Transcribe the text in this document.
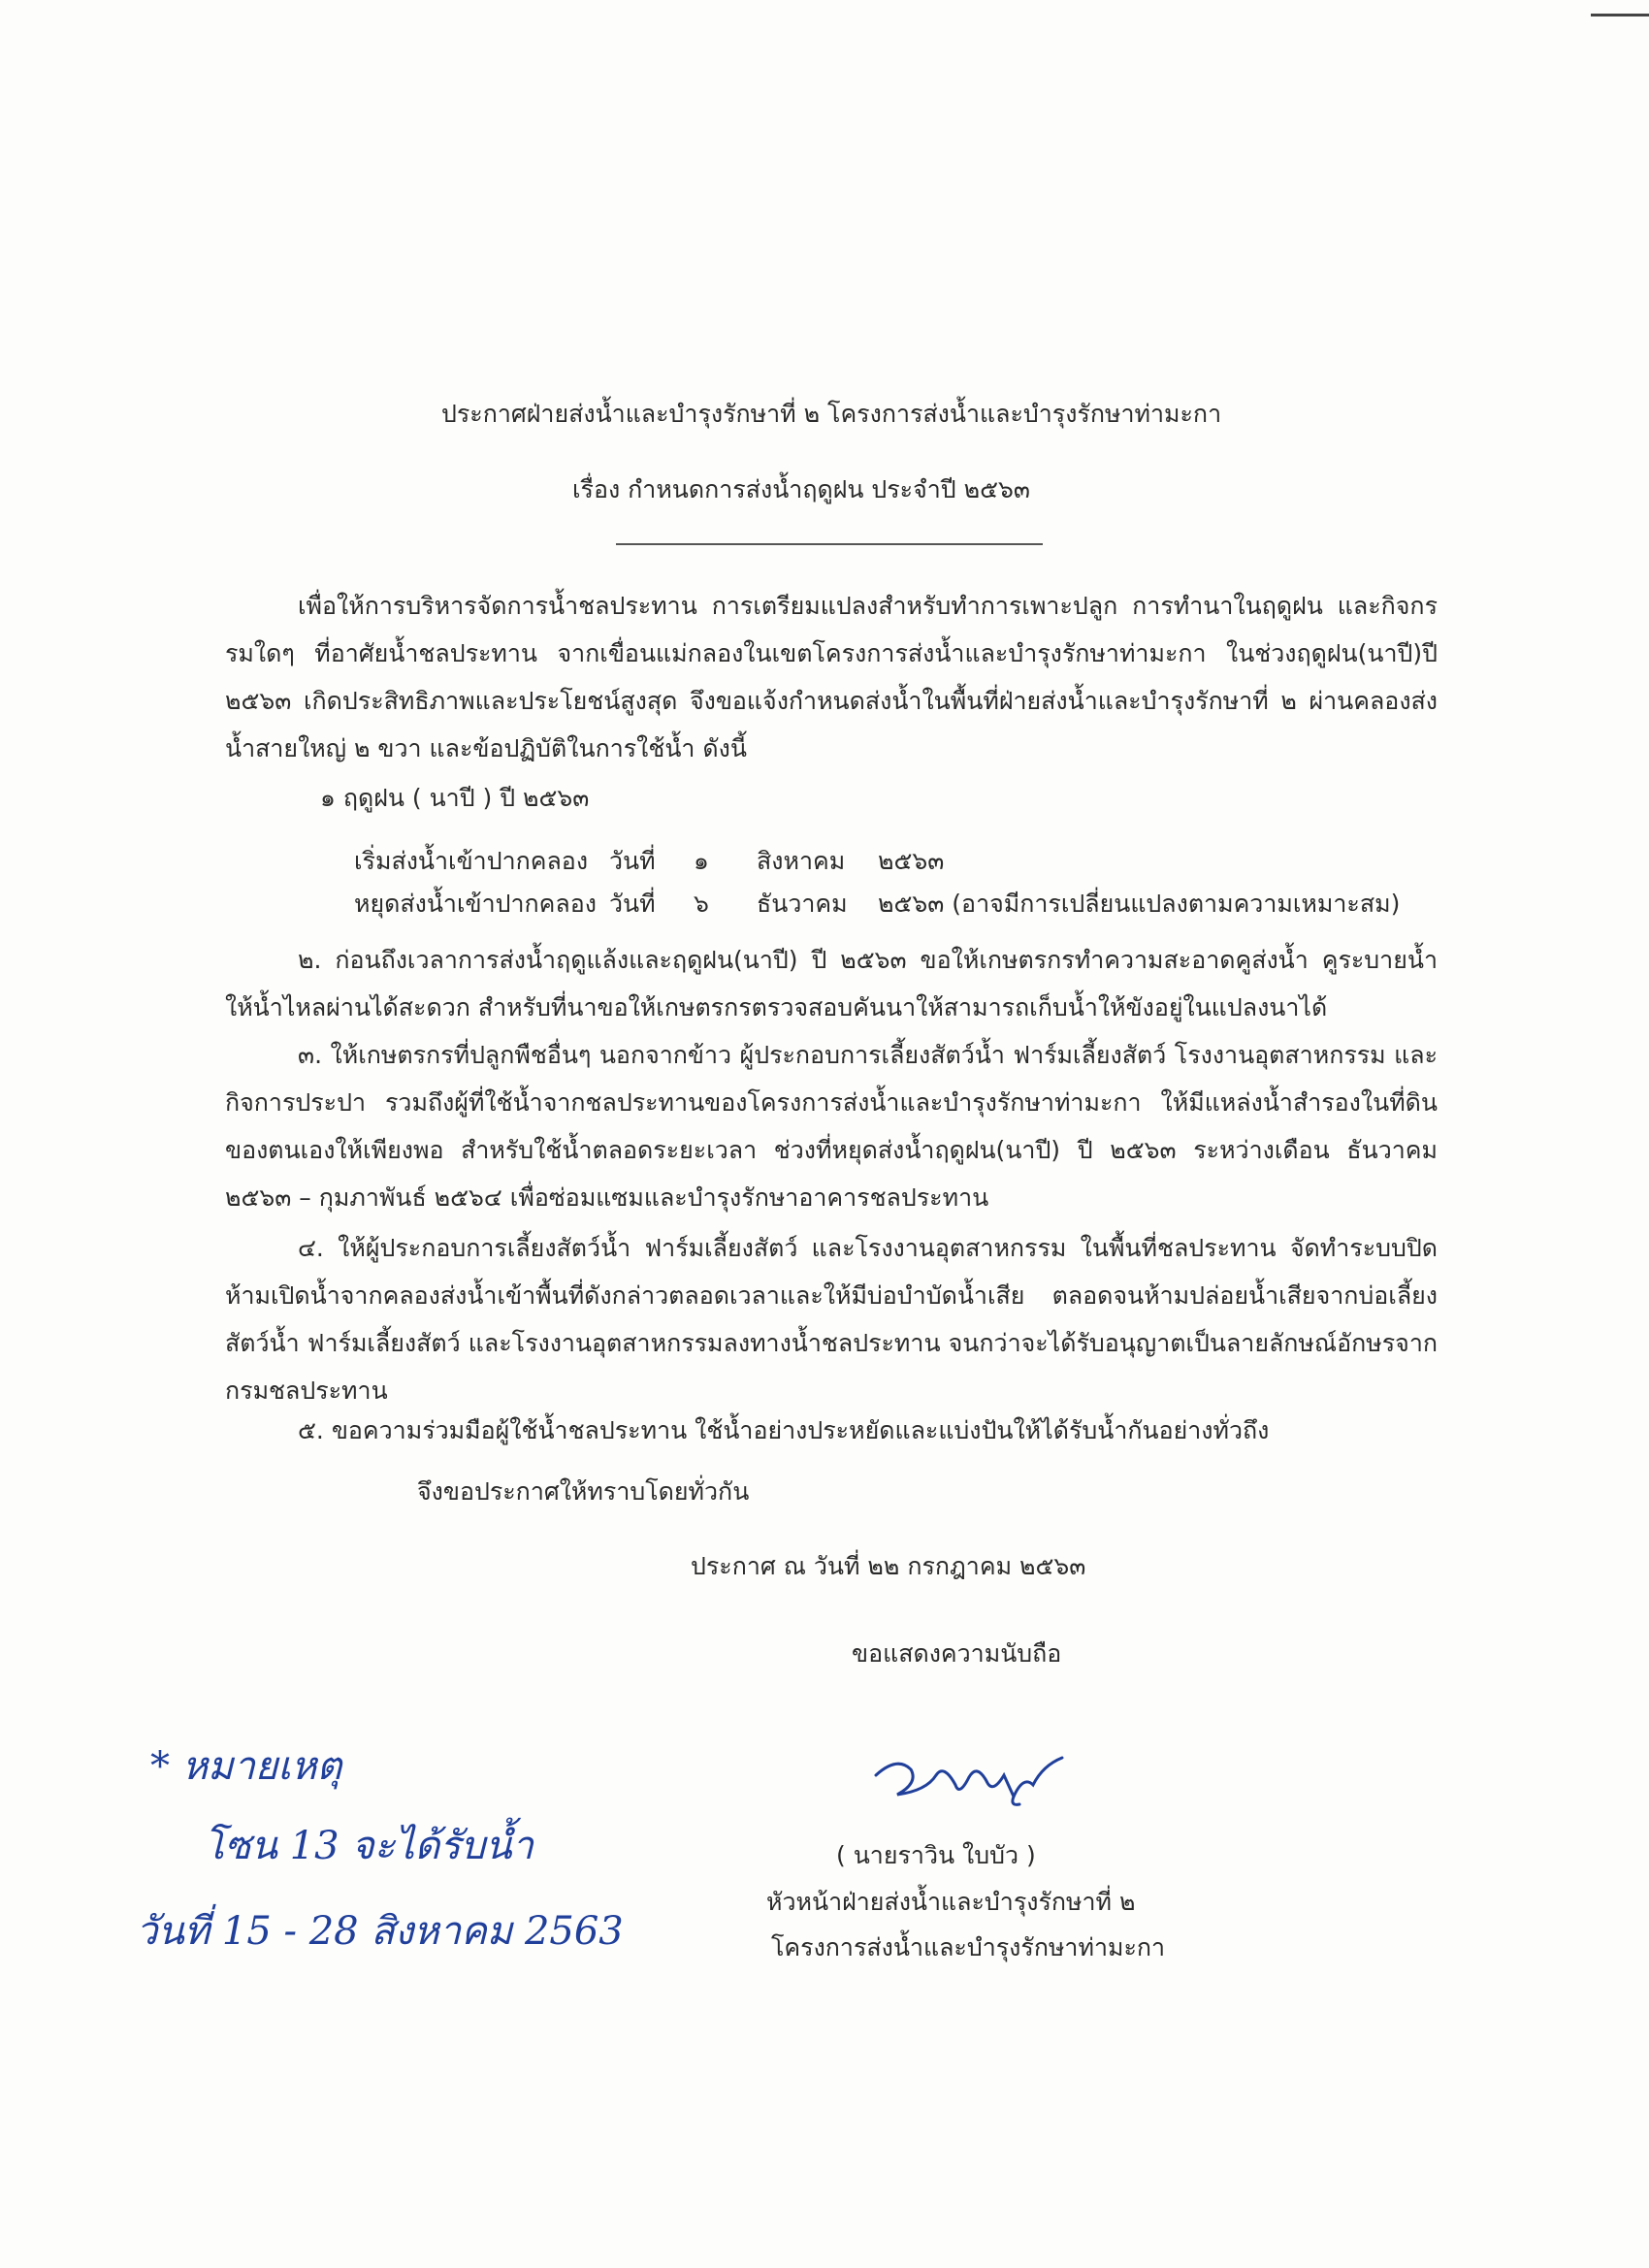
ประกาศฝ่ายส่งน้ำและบำรุงรักษาที่ ๒ โครงการส่งน้ำและบำรุงรักษาท่ามะกา
เรื่อง กำหนดการส่งน้ำฤดูฝน ประจำปี ๒๕๖๓
      เพื่อให้การบริหารจัดการน้ำชลประทาน การเตรียมแปลงสำหรับทำการเพาะปลูก การทำนาในฤดูฝน และกิจกรรมใดๆ ที่อาศัยน้ำชลประทาน จากเขื่อนแม่กลองในเขตโครงการส่งน้ำและบำรุงรักษาท่ามะกา ในช่วงฤดูฝน(นาปี)ปี ๒๕๖๓ เกิดประสิทธิภาพและประโยชน์สูงสุด จึงขอแจ้งกำหนดส่งน้ำในพื้นที่ฝ่ายส่งน้ำและบำรุงรักษาที่ ๒ ผ่านคลองส่งน้ำสายใหญ่ ๒ ขวา และข้อปฏิบัติในการใช้น้ำ ดังนี้
๑ ฤดูฝน ( นาปี ) ปี ๒๕๖๓
เริ่มส่งน้ำเข้าปากคลอง วันที่ ๑ สิงหาคม ๒๕๖๓
หยุดส่งน้ำเข้าปากคลอง วันที่ ๖ ธันวาคม ๒๕๖๓ (อาจมีการเปลี่ยนแปลงตามความเหมาะสม)
      ๒. ก่อนถึงเวลาการส่งน้ำฤดูแล้งและฤดูฝน(นาปี) ปี ๒๕๖๓ ขอให้เกษตรกรทำความสะอาดคูส่งน้ำ คูระบายน้ำ ให้น้ำไหลผ่านได้สะดวก สำหรับที่นาขอให้เกษตรกรตรวจสอบคันนาให้สามารถเก็บน้ำให้ขังอยู่ในแปลงนาได้
      ๓. ให้เกษตรกรที่ปลูกพืชอื่นๆ นอกจากข้าว ผู้ประกอบการเลี้ยงสัตว์น้ำ ฟาร์มเลี้ยงสัตว์ โรงงานอุตสาหกรรม และกิจการประปา รวมถึงผู้ที่ใช้น้ำจากชลประทานของโครงการส่งน้ำและบำรุงรักษาท่ามะกา ให้มีแหล่งน้ำสำรองในที่ดินของตนเองให้เพียงพอ สำหรับใช้น้ำตลอดระยะเวลา ช่วงที่หยุดส่งน้ำฤดูฝน(นาปี) ปี ๒๕๖๓ ระหว่างเดือน ธันวาคม ๒๕๖๓ – กุมภาพันธ์ ๒๕๖๔ เพื่อซ่อมแซมและบำรุงรักษาอาคารชลประทาน
      ๔. ให้ผู้ประกอบการเลี้ยงสัตว์น้ำ ฟาร์มเลี้ยงสัตว์ และโรงงานอุตสาหกรรม ในพื้นที่ชลประทาน จัดทำระบบปิด ห้ามเปิดน้ำจากคลองส่งน้ำเข้าพื้นที่ดังกล่าวตลอดเวลาและให้มีบ่อบำบัดน้ำเสีย ตลอดจนห้ามปล่อยน้ำเสียจากบ่อเลี้ยงสัตว์น้ำ ฟาร์มเลี้ยงสัตว์ และโรงงานอุตสาหกรรมลงทางน้ำชลประทาน จนกว่าจะได้รับอนุญาตเป็นลายลักษณ์อักษรจากกรมชลประทาน
      ๕. ขอความร่วมมือผู้ใช้น้ำชลประทาน ใช้น้ำอย่างประหยัดและแบ่งปันให้ได้รับน้ำกันอย่างทั่วถึง
จึงขอประกาศให้ทราบโดยทั่วกัน
ประกาศ ณ วันที่ ๒๒ กรกฎาคม ๒๕๖๓
ขอแสดงความนับถือ
( นายราวิน ใบบัว )
หัวหน้าฝ่ายส่งน้ำและบำรุงรักษาที่ ๒
โครงการส่งน้ำและบำรุงรักษาท่ามะกา
* หมายเหตุ
โซน 13 จะได้รับน้ำ
วันที่ 15 - 28 สิงหาคม 2563
